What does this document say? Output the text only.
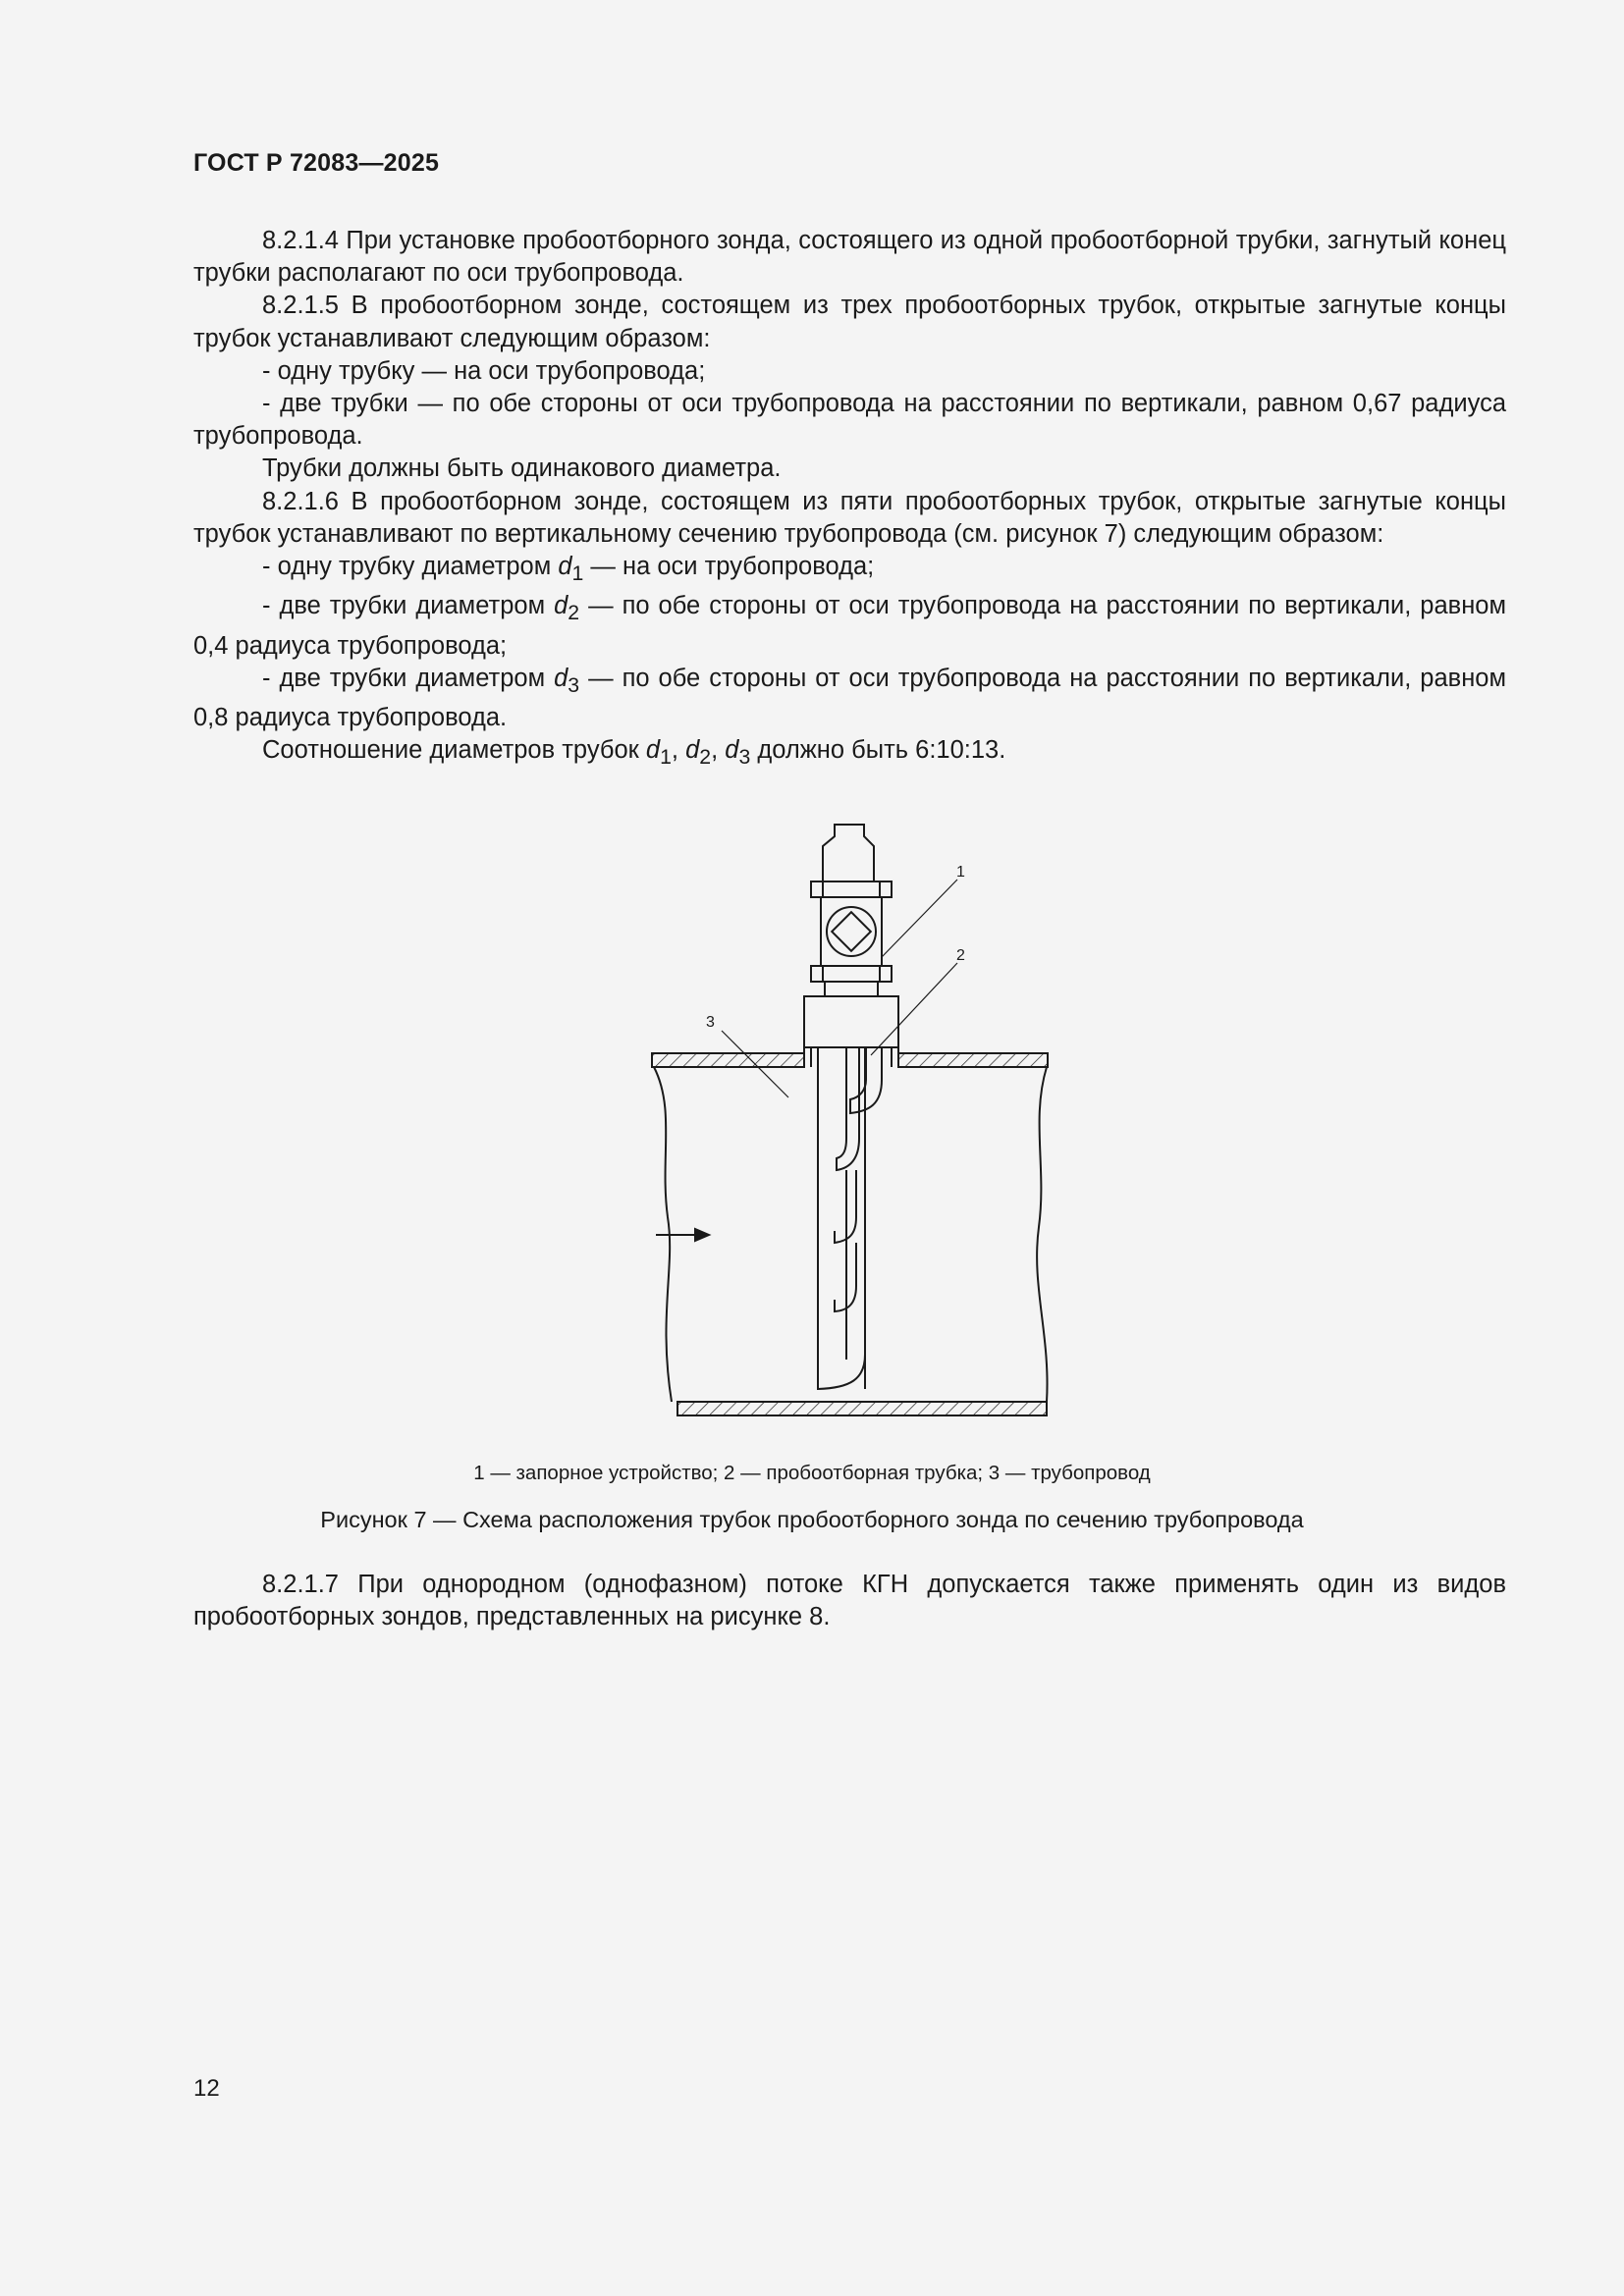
ГОСТ Р 72083—2025

8.2.1.4 При установке пробоотборного зонда, состоящего из одной пробоотборной трубки, загнутый конец трубки располагают по оси трубопровода.

8.2.1.5 В пробоотборном зонде, состоящем из трех пробоотборных трубок, открытые загнутые концы трубок устанавливают следующим образом:

- одну трубку — на оси трубопровода;

- две трубки — по обе стороны от оси трубопровода на расстоянии по вертикали, равном 0,67 радиуса трубопровода.

Трубки должны быть одинакового диаметра.

8.2.1.6 В пробоотборном зонде, состоящем из пяти пробоотборных трубок, открытые загнутые концы трубок устанавливают по вертикальному сечению трубопровода (см. рисунок 7) следующим образом:

- одну трубку диаметром $d_1$ — на оси трубопровода;

- две трубки диаметром $d_2$ — по обе стороны от оси трубопровода на расстоянии по вертикали, равном 0,4 радиуса трубопровода;

- две трубки диаметром $d_3$ — по обе стороны от оси трубопровода на расстоянии по вертикали, равном 0,8 радиуса трубопровода.

Соотношение диаметров трубок $d_1$, $d_2$, $d_3$ должно быть 6:10:13.

1
2
3
1 — запорное устройство; 2 — пробоотборная трубка; 3 — трубопровод
Рисунок 7 — Схема расположения трубок пробоотборного зонда по сечению трубопровода

8.2.1.7 При однородном (однофазном) потоке КГН допускается также применять один из видов пробоотборных зондов, представленных на рисунке 8.

12
